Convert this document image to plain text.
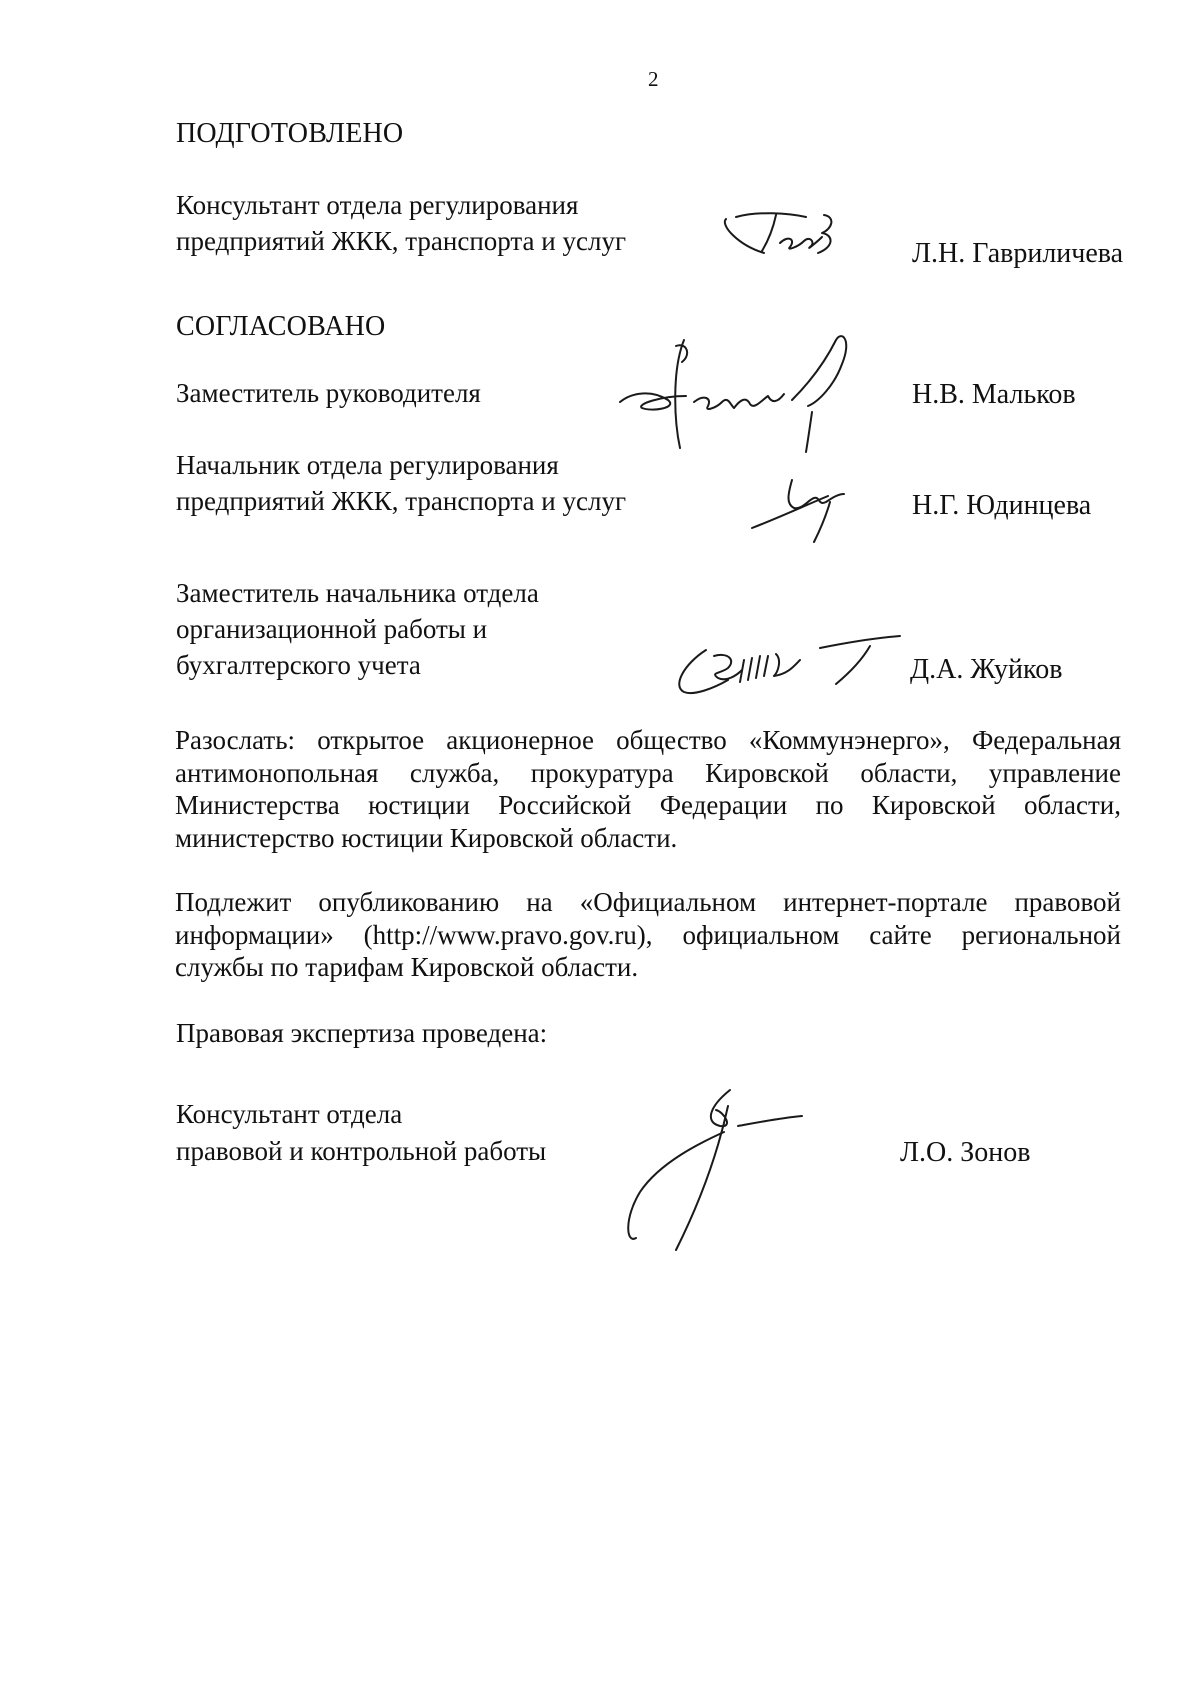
2
ПОДГОТОВЛЕНО
Консультант отдела регулирования
предприятий ЖКК, транспорта и услуг	Л.Н. Гавриличева
СОГЛАСОВАНО
Заместитель руководителя	Н.В. Мальков
Начальник отдела регулирования
предприятий ЖКК, транспорта и услуг	Н.Г. Юдинцева
Заместитель начальника отдела
организационной работы и
бухгалтерского учета	Д.А. Жуйков
Разослать: открытое акционерное общество «Коммунэнерго», Федеральная антимонопольная служба, прокуратура Кировской области, управление Министерства юстиции Российской Федерации по Кировской области, министерство юстиции Кировской области.
Подлежит опубликованию на «Официальном интернет-портале правовой информации» (http://www.pravo.gov.ru), официальном сайте региональной службы по тарифам Кировской области.
Правовая экспертиза проведена:
Консультант отдела
правовой и контрольной работы	Л.О. Зонов
